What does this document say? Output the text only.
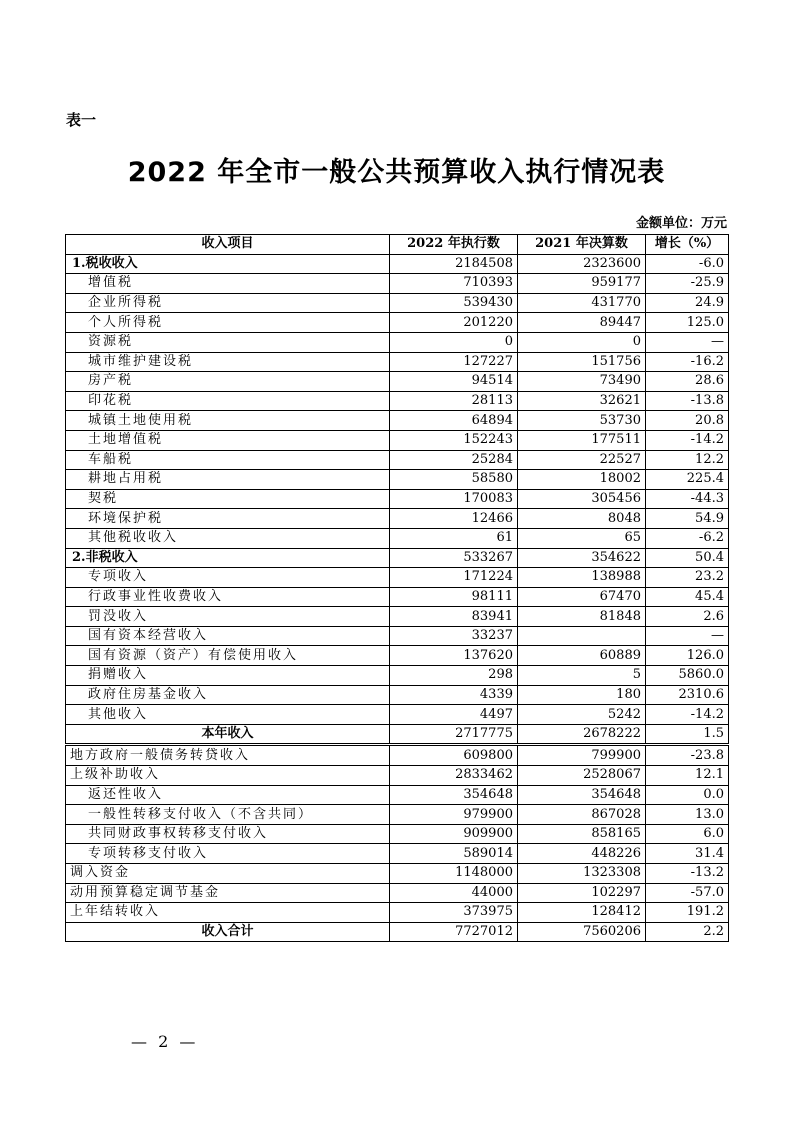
表一
2022 年全市一般公共预算收入执行情况表
金额单位：万元
收入项目	2022 年执行数	2021 年决算数	增长（%）
1.税收收入	2184508	2323600	-6.0
增值税	710393	959177	-25.9
企业所得税	539430	431770	24.9
个人所得税	201220	89447	125.0
资源税	0	0	—
城市维护建设税	127227	151756	-16.2
房产税	94514	73490	28.6
印花税	28113	32621	-13.8
城镇土地使用税	64894	53730	20.8
土地增值税	152243	177511	-14.2
车船税	25284	22527	12.2
耕地占用税	58580	18002	225.4
契税	170083	305456	-44.3
环境保护税	12466	8048	54.9
其他税收收入	61	65	-6.2
2.非税收入	533267	354622	50.4
专项收入	171224	138988	23.2
行政事业性收费收入	98111	67470	45.4
罚没收入	83941	81848	2.6
国有资本经营收入	33237		—
国有资源（资产）有偿使用收入	137620	60889	126.0
捐赠收入	298	5	5860.0
政府住房基金收入	4339	180	2310.6
其他收入	4497	5242	-14.2
本年收入	2717775	2678222	1.5
地方政府一般债务转贷收入	609800	799900	-23.8
上级补助收入	2833462	2528067	12.1
返还性收入	354648	354648	0.0
一般性转移支付收入（不含共同）	979900	867028	13.0
共同财政事权转移支付收入	909900	858165	6.0
专项转移支付收入	589014	448226	31.4
调入资金	1148000	1323308	-13.2
动用预算稳定调节基金	44000	102297	-57.0
上年结转收入	373975	128412	191.2
收入合计	7727012	7560206	2.2
— 2 —
